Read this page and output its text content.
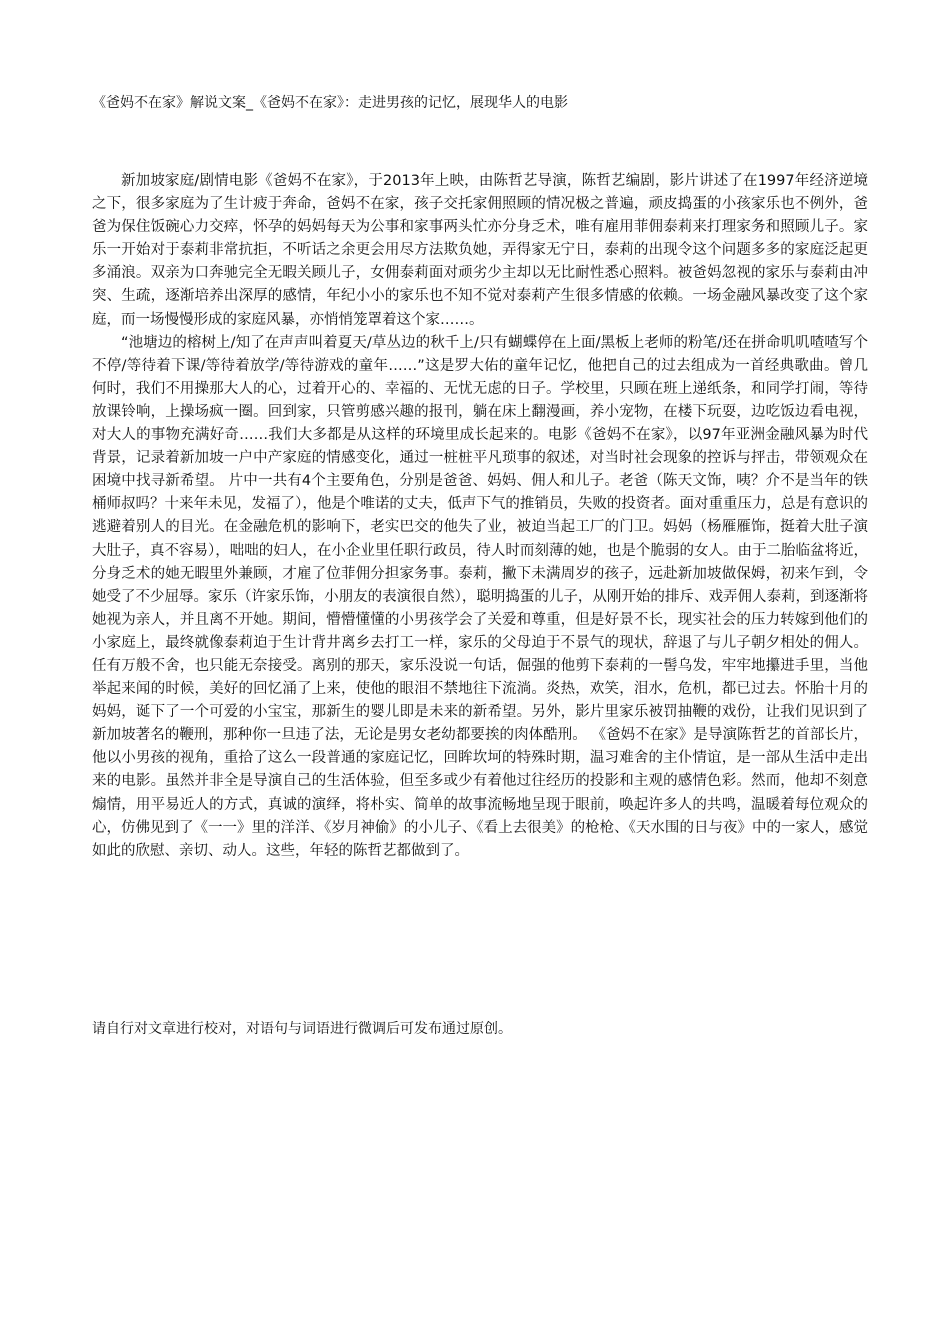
《爸妈不在家》解说文案_《爸妈不在家》：走进男孩的记忆，展现华人的电影

新加坡家庭/剧情电影《爸妈不在家》，于2013年上映，由陈哲艺导演，陈哲艺编剧，影片讲述了在1997年经济逆境之下，很多家庭为了生计疲于奔命，爸妈不在家，孩子交托家佣照顾的情况极之普遍，顽皮捣蛋的小孩家乐也不例外，爸爸为保住饭碗心力交瘁，怀孕的妈妈每天为公事和家事两头忙亦分身乏术，唯有雇用菲佣泰莉来打理家务和照顾儿子。家乐一开始对于泰莉非常抗拒，不听话之余更会用尽方法欺负她，弄得家无宁日，泰莉的出现令这个问题多多的家庭泛起更多涌浪。双亲为口奔驰完全无暇关顾儿子，女佣泰莉面对顽劣少主却以无比耐性悉心照料。被爸妈忽视的家乐与泰莉由冲突、生疏，逐渐培养出深厚的感情，年纪小小的家乐也不知不觉对泰莉产生很多情感的依赖。一场金融风暴改变了这个家庭，而一场慢慢形成的家庭风暴，亦悄悄笼罩着这个家……。

“池塘边的榕树上/知了在声声叫着夏天/草丛边的秋千上/只有蝴蝶停在上面/黑板上老师的粉笔/还在拼命叽叽喳喳写个不停/等待着下课/等待着放学/等待游戏的童年……”这是罗大佑的童年记忆，他把自己的过去组成为一首经典歌曲。曾几何时，我们不用操那大人的心，过着开心的、幸福的、无忧无虑的日子。学校里，只顾在班上递纸条，和同学打闹，等待放课铃响，上操场疯一圈。回到家，只管剪感兴趣的报刊，躺在床上翻漫画，养小宠物，在楼下玩耍，边吃饭边看电视，对大人的事物充满好奇……我们大多都是从这样的环境里成长起来的。电影《爸妈不在家》，以97年亚洲金融风暴为时代背景，记录着新加坡一户中产家庭的情感变化，通过一桩桩平凡琐事的叙述，对当时社会现象的控诉与抨击，带领观众在困境中找寻新希望。 片中一共有4个主要角色，分别是爸爸、妈妈、佣人和儿子。老爸（陈天文饰，咦？介不是当年的铁桶师叔吗？十来年未见，发福了），他是个唯诺的丈夫，低声下气的推销员，失败的投资者。面对重重压力，总是有意识的逃避着别人的目光。在金融危机的影响下，老实巴交的他失了业，被迫当起工厂的门卫。妈妈（杨雁雁饰，挺着大肚子演大肚子，真不容易），咄咄的妇人，在小企业里任职行政员，待人时而刻薄的她，也是个脆弱的女人。由于二胎临盆将近，分身乏术的她无暇里外兼顾，才雇了位菲佣分担家务事。泰莉，撇下未满周岁的孩子，远赴新加坡做保姆，初来乍到，令她受了不少屈辱。家乐（许家乐饰，小朋友的表演很自然），聪明捣蛋的儿子，从刚开始的排斥、戏弄佣人泰莉，到逐渐将她视为亲人，并且离不开她。期间，懵懵懂懂的小男孩学会了关爱和尊重，但是好景不长，现实社会的压力转嫁到他们的小家庭上，最终就像泰莉迫于生计背井离乡去打工一样，家乐的父母迫于不景气的现状，辞退了与儿子朝夕相处的佣人。任有万般不舍，也只能无奈接受。离别的那天，家乐没说一句话，倔强的他剪下泰莉的一髻乌发，牢牢地攥进手里，当他举起来闻的时候，美好的回忆涌了上来，使他的眼泪不禁地往下流淌。炎热，欢笑，泪水，危机，都已过去。怀胎十月的妈妈，诞下了一个可爱的小宝宝，那新生的婴儿即是未来的新希望。另外，影片里家乐被罚抽鞭的戏份，让我们见识到了新加坡著名的鞭刑，那种你一旦违了法，无论是男女老幼都要挨的肉体酷刑。 《爸妈不在家》是导演陈哲艺的首部长片，他以小男孩的视角，重拾了这么一段普通的家庭记忆，回眸坎坷的特殊时期，温习难舍的主仆情谊，是一部从生活中走出来的电影。虽然并非全是导演自己的生活体验，但至多或少有着他过往经历的投影和主观的感情色彩。然而，他却不刻意煽情，用平易近人的方式，真诚的演绎，将朴实、简单的故事流畅地呈现于眼前，唤起许多人的共鸣，温暖着每位观众的心，仿佛见到了《一一》里的洋洋、《岁月神偷》的小儿子、《看上去很美》的枪枪、《天水围的日与夜》中的一家人，感觉如此的欣慰、亲切、动人。这些，年轻的陈哲艺都做到了。

请自行对文章进行校对，对语句与词语进行微调后可发布通过原创。
